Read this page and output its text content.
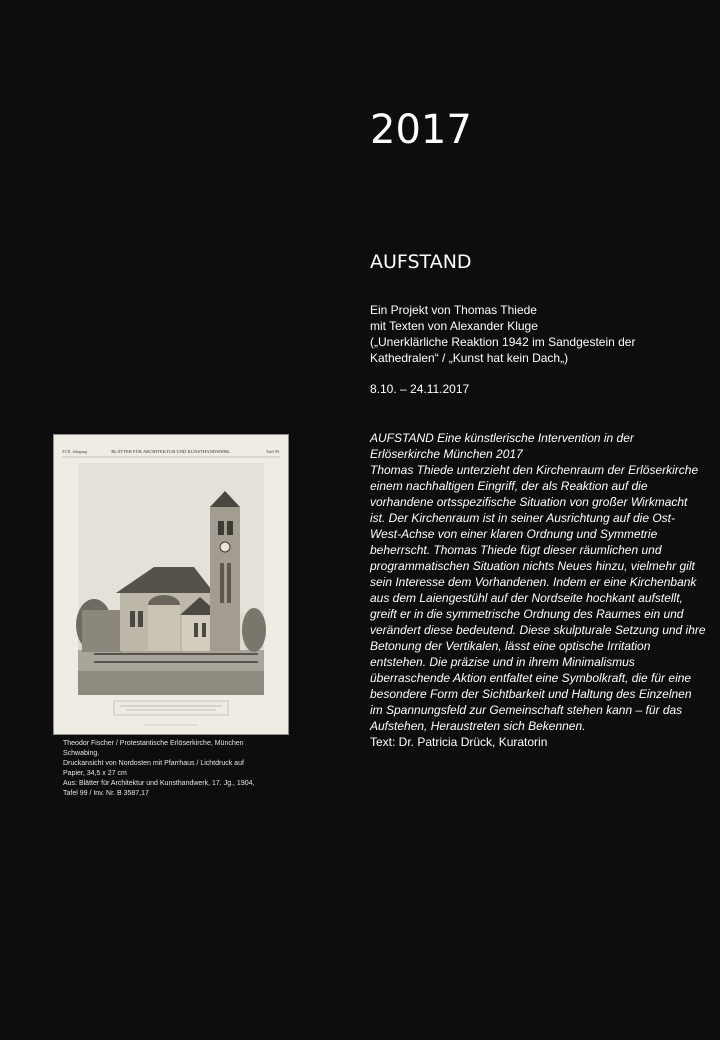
2017
AUFSTAND
Ein Projekt von Thomas Thiede
mit Texten von Alexander Kluge
(„Unerklärliche Reaktion 1942 im Sandgestein der
Kathedralen“ / „Kunst hat kein Dach„)
8.10. – 24.11.2017
AUFSTAND Eine künstlerische Intervention in der
Erlöserkirche München 2017
Thomas Thiede unterzieht den Kirchenraum der Erlöserkirche
einem nachhaltigen Eingriff, der als Reaktion auf die
vorhandene ortsspezifische Situation von großer Wirkmacht
ist. Der Kirchenraum ist in seiner Ausrichtung auf die Ost-
West-Achse von einer klaren Ordnung und Symmetrie
beherrscht. Thomas Thiede fügt dieser räumlichen und
programmatischen Situation nichts Neues hinzu, vielmehr gilt
sein Interesse dem Vorhandenen. Indem er eine Kirchenbank
aus dem Laiengestühl auf der Nordseite hochkant aufstellt,
greift er in die symmetrische Ordnung des Raumes ein und
verändert diese bedeutend. Diese skulpturale Setzung und ihre
Betonung der Vertikalen, lässt eine optische Irritation
entstehen. Die präzise und in ihrem Minimalismus
überraschende Aktion entfaltet eine Symbolkraft, die für eine
besondere Form der Sichtbarkeit und Haltung des Einzelnen
im Spannungsfeld zur Gemeinschaft stehen kann – für das
Aufstehen, Heraustreten sich Bekennen.
Text: Dr. Patricia Drück, Kuratorin
XVII. Jahrgang.	BLÄTTER FÜR ARCHITEKTUR UND KUNSTHANDWERK.	Tafel 99.
Theodor Fischer / Protestantische Erlöserkirche, München
Schwabing.
Druckansicht von Nordosten mit Pfarrhaus / Lichtdruck auf
Papier, 34,5 x 27 cm
Aus: Blätter für Architektur und Kunsthandwerk, 17. Jg., 1904,
Tafel 99 / Inv. Nr. B 3587,17
